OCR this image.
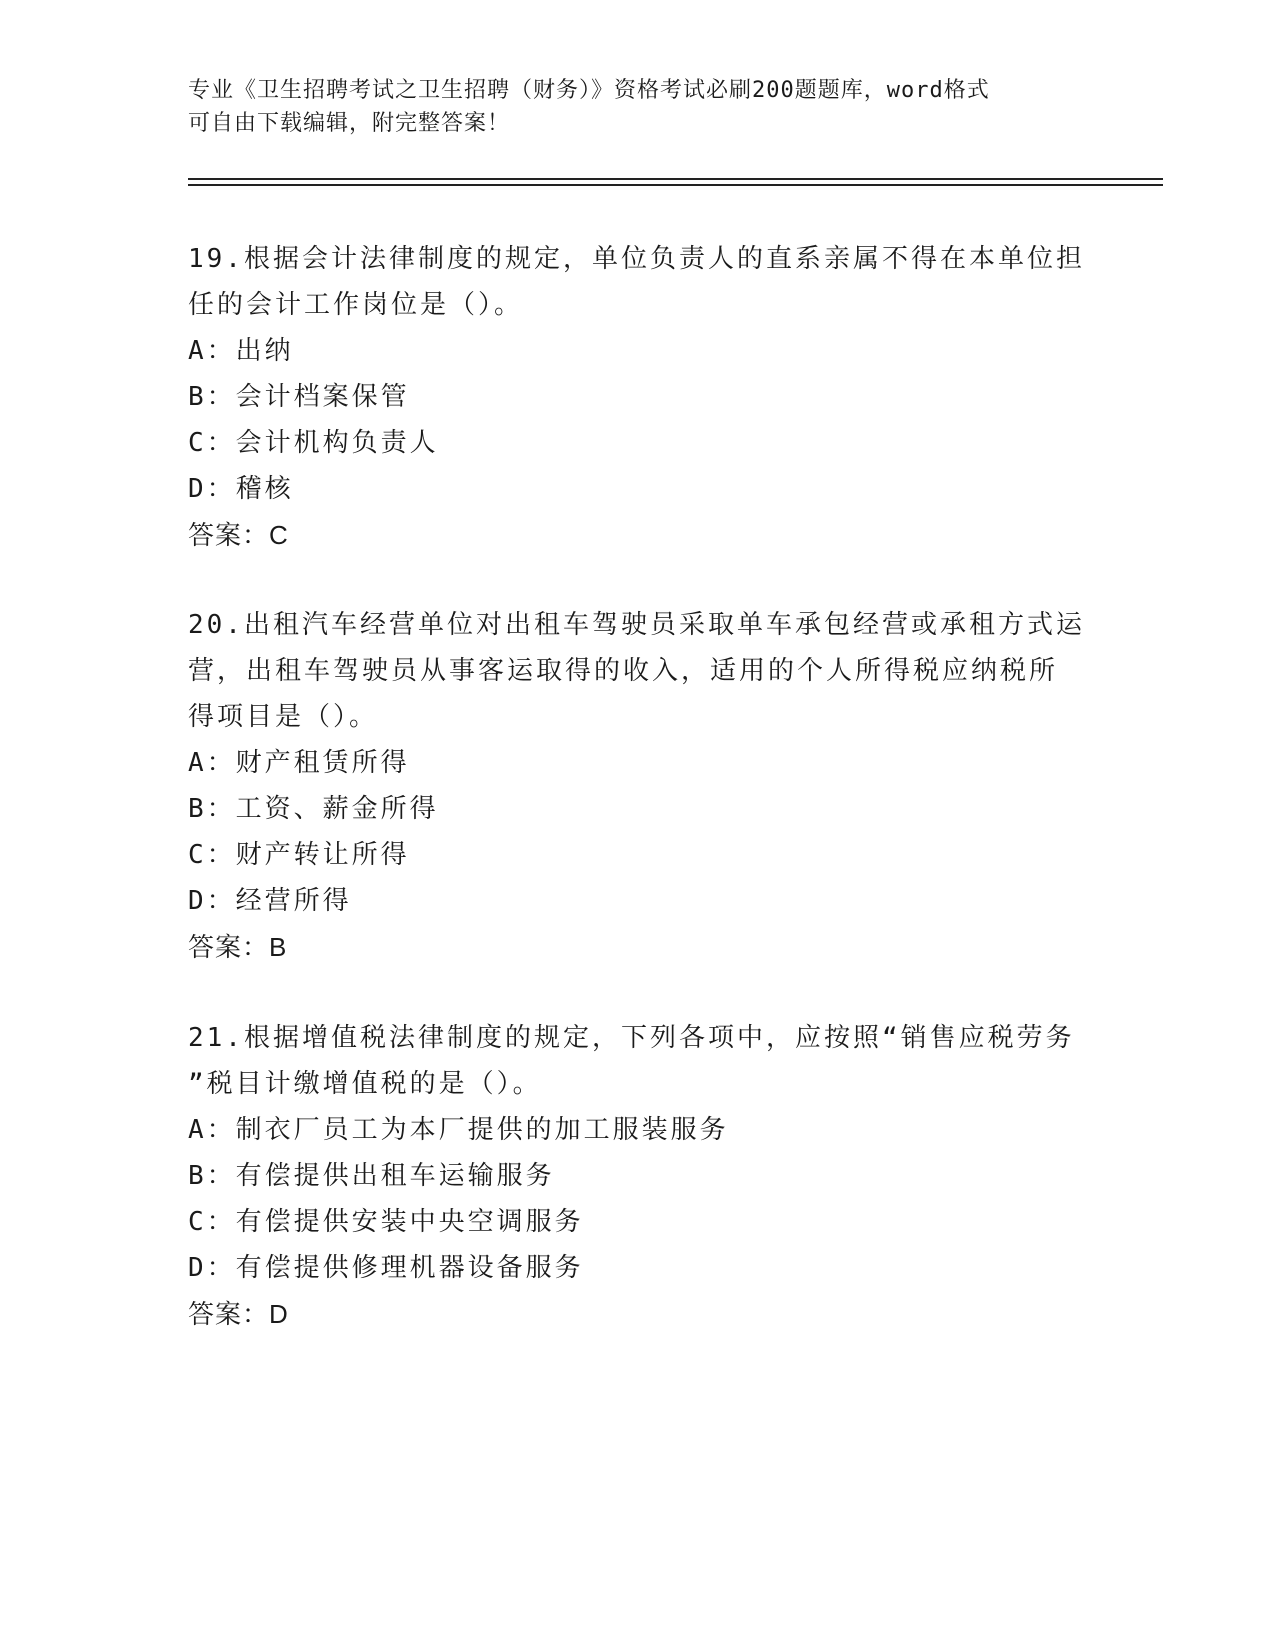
专业《卫生招聘考试之卫生招聘（财务）》资格考试必刷200题题库，word格式
可自由下载编辑，附完整答案！
19.根据会计法律制度的规定，单位负责人的直系亲属不得在本单位担
任的会计工作岗位是（）。
A：出纳
B：会计档案保管
C：会计机构负责人
D：稽核
答案：C
20.出租汽车经营单位对出租车驾驶员采取单车承包经营或承租方式运
营，出租车驾驶员从事客运取得的收入，适用的个人所得税应纳税所
得项目是（）。
A：财产租赁所得
B：工资、薪金所得
C：财产转让所得
D：经营所得
答案：B
21.根据增值税法律制度的规定，下列各项中，应按照“销售应税劳务
”税目计缴增值税的是（）。
A：制衣厂员工为本厂提供的加工服装服务
B：有偿提供出租车运输服务
C：有偿提供安装中央空调服务
D：有偿提供修理机器设备服务
答案：D
